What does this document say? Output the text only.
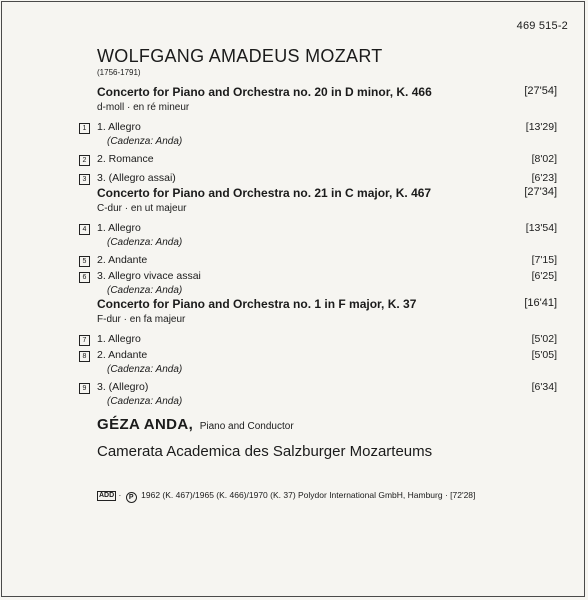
469 515-2
WOLFGANG AMADEUS MOZART
(1756-1791)
Concerto for Piano and Orchestra no. 20 in D minor, K. 466	[27'54]
d-moll · en ré mineur
1	1. Allegro	[13'29]
(Cadenza: Anda)
2	2. Romance	[8'02]
3	3. (Allegro assai)	[6'23]
Concerto for Piano and Orchestra no. 21 in C major, K. 467	[27'34]
C-dur · en ut majeur
4	1. Allegro	[13'54]
(Cadenza: Anda)
5	2. Andante	[7'15]
6	3. Allegro vivace assai	[6'25]
(Cadenza: Anda)
Concerto for Piano and Orchestra no. 1 in F major, K. 37	[16'41]
F-dur · en fa majeur
7	1. Allegro	[5'02]
8	2. Andante	[5'05]
(Cadenza: Anda)
9	3. (Allegro)	[6'34]
(Cadenza: Anda)
GÉZA ANDA, Piano and Conductor
Camerata Academica des Salzburger Mozarteums
ADD · P 1962 (K. 467)/1965 (K. 466)/1970 (K. 37) Polydor International GmbH, Hamburg · [72'28]
